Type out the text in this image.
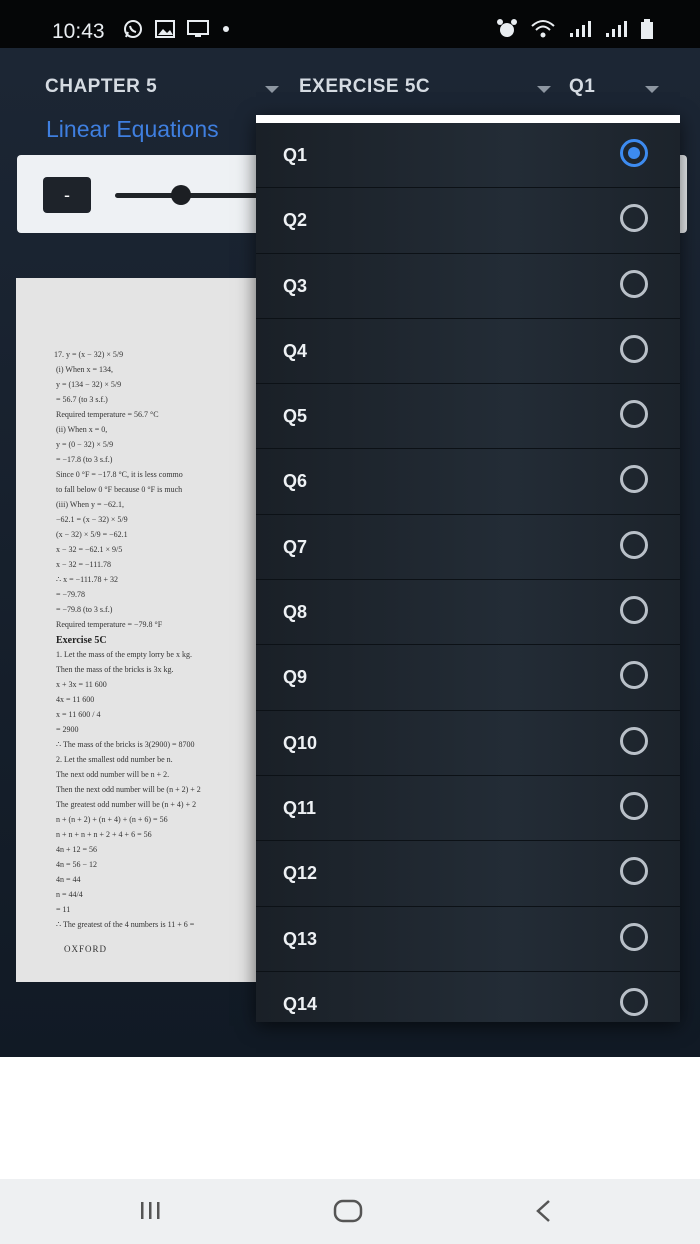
10:43
CHAPTER 5	EXERCISE 5C	Q1
Linear Equations
-
17. y = (x − 32) × 5/9
(i) When x = 134,
y = (134 − 32) × 5/9
= 56.7 (to 3 s.f.)
Required temperature = 56.7 °C
(ii) When x = 0,
y = (0 − 32) × 5/9
= −17.8 (to 3 s.f.)
Since 0 °F = −17.8 °C, it is less commo
to fall below 0 °F because 0 °F is much
(iii) When y = −62.1,
−62.1 = (x − 32) × 5/9
(x − 32) × 5/9 = −62.1
x − 32 = −62.1 × 9/5
x − 32 = −111.78
∴ x = −111.78 + 32
= −79.78
= −79.8 (to 3 s.f.)
Required temperature = −79.8 °F
Exercise 5C
1. Let the mass of the empty lorry be x kg.
Then the mass of the bricks is 3x kg.
x + 3x = 11 600
4x = 11 600
x = 11 600 / 4
= 2900
∴ The mass of the bricks is 3(2900) = 8700
2. Let the smallest odd number be n.
The next odd number will be n + 2.
Then the next odd number will be (n + 2) + 2
The greatest odd number will be (n + 4) + 2
n + (n + 2) + (n + 4) + (n + 6) = 56
n + n + n + n + 2 + 4 + 6 = 56
4n + 12 = 56
4n = 56 − 12
4n = 44
n = 44/4
= 11
∴ The greatest of the 4 numbers is 11 + 6 =
OXFORD
Q1
Q2
Q3
Q4
Q5
Q6
Q7
Q8
Q9
Q10
Q11
Q12
Q13
Q14
